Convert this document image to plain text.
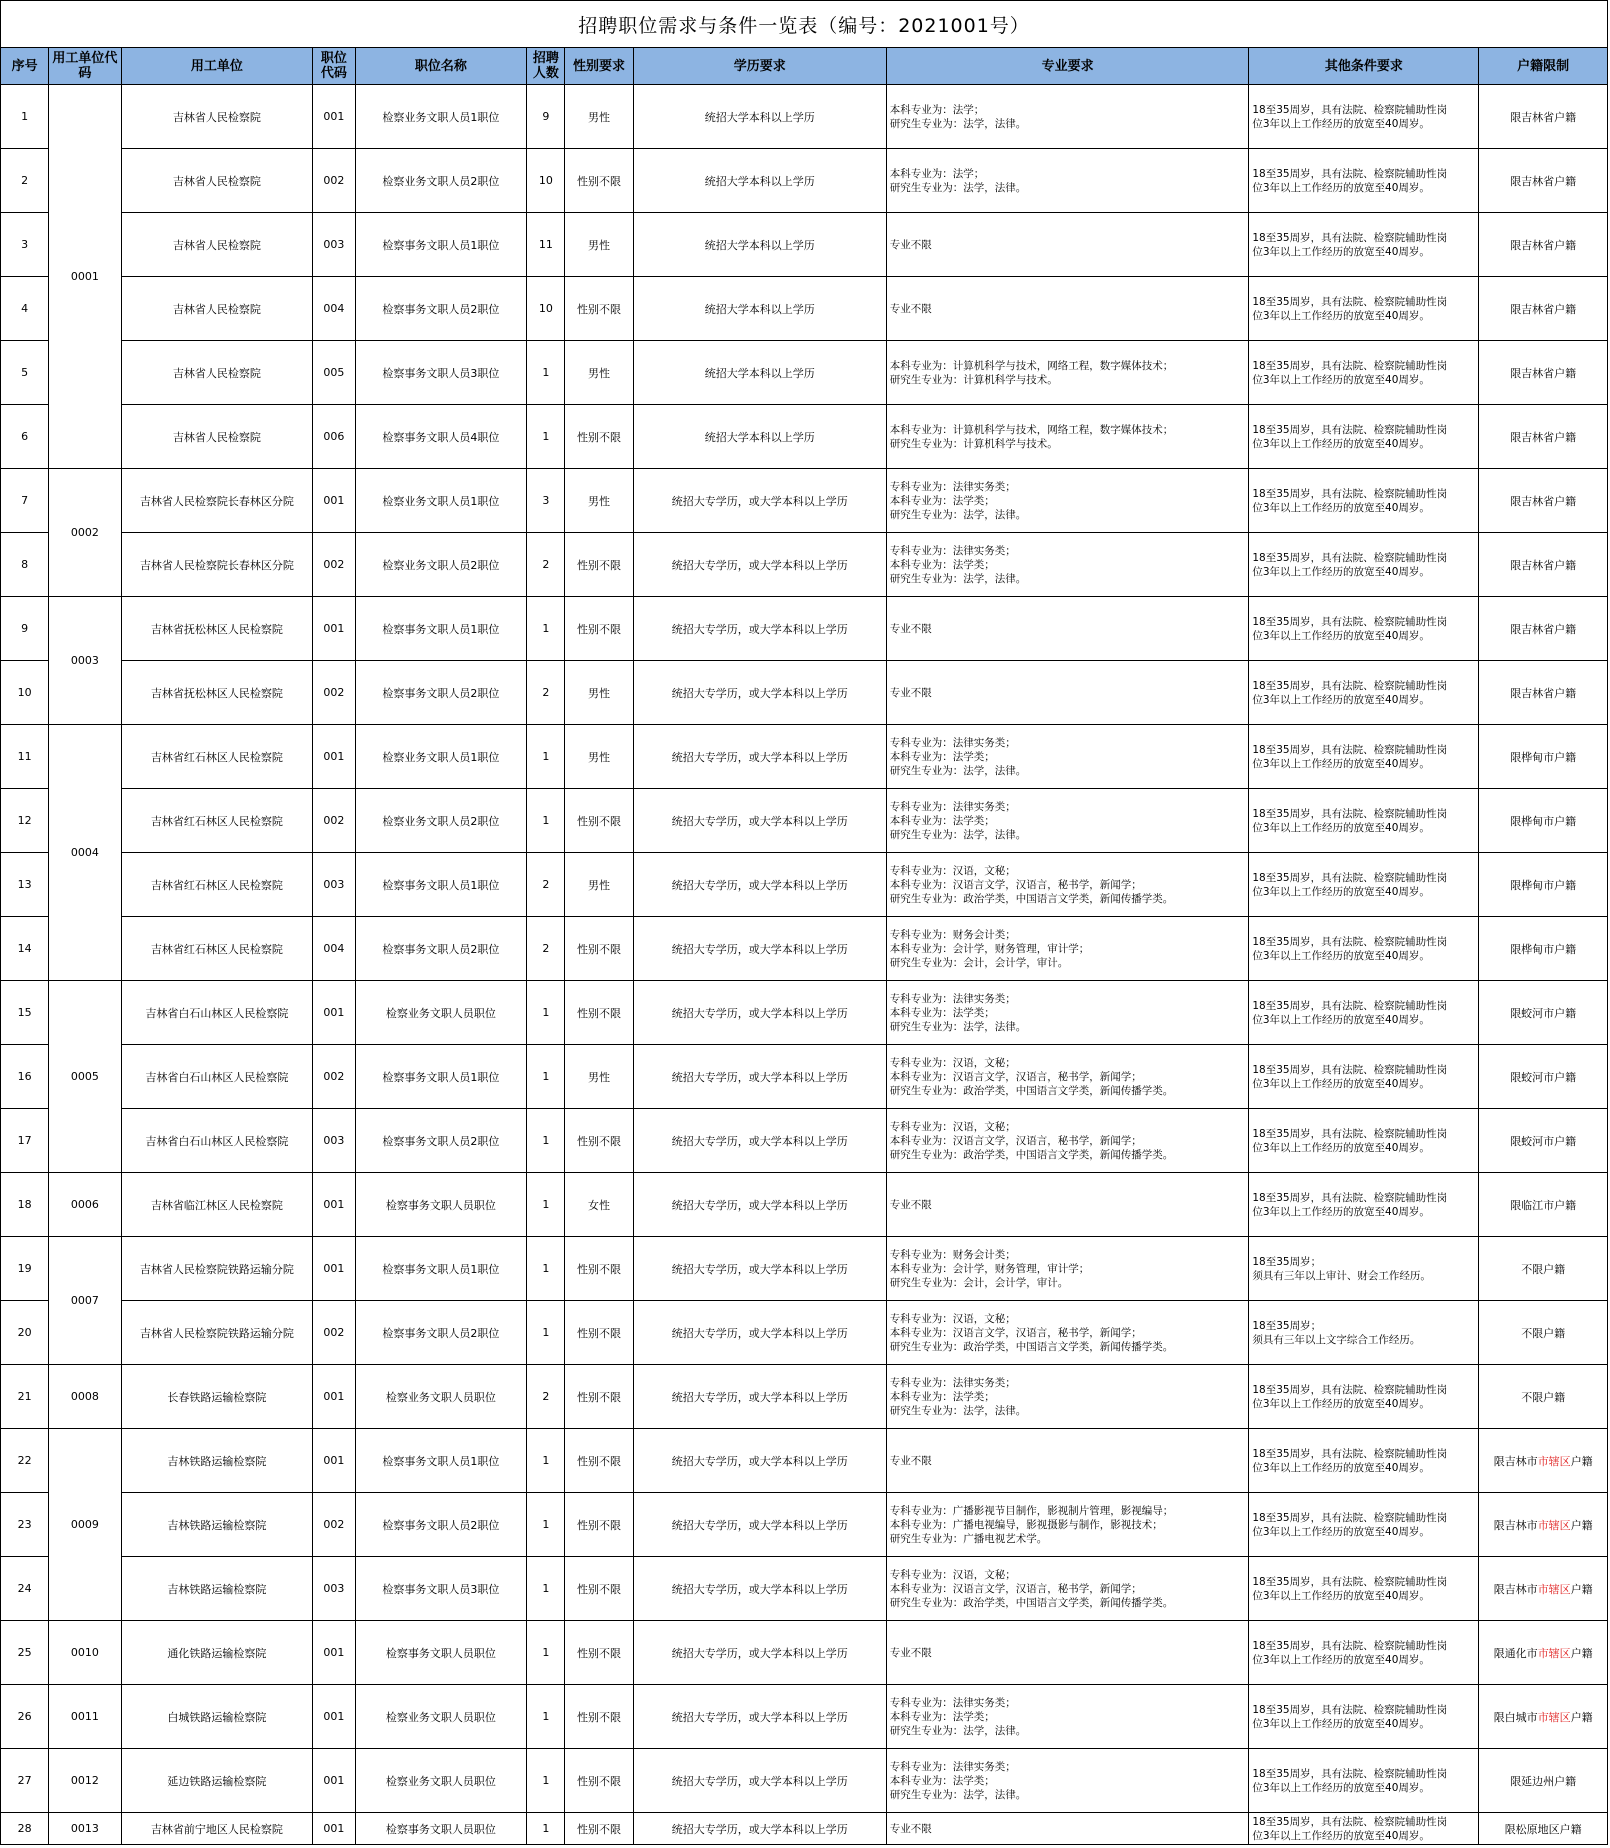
招聘职位需求与条件一览表（编号：2021001号）
序号	用工单位代码	用工单位	职位代码	职位名称	招聘人数	性别要求	学历要求	专业要求	其他条件要求	户籍限制
1	0001	吉林省人民检察院	001	检察业务文职人员1职位	9	男性	统招大学本科以上学历	本科专业为：法学；
研究生专业为：法学，法律。	18至35周岁，具有法院、检察院辅助性岗
位3年以上工作经历的放宽至40周岁。	限吉林省户籍
2		吉林省人民检察院	002	检察业务文职人员2职位	10	性别不限	统招大学本科以上学历	本科专业为：法学；
研究生专业为：法学，法律。	18至35周岁，具有法院、检察院辅助性岗
位3年以上工作经历的放宽至40周岁。	限吉林省户籍
3		吉林省人民检察院	003	检察事务文职人员1职位	11	男性	统招大学本科以上学历	专业不限	18至35周岁，具有法院、检察院辅助性岗
位3年以上工作经历的放宽至40周岁。	限吉林省户籍
4		吉林省人民检察院	004	检察事务文职人员2职位	10	性别不限	统招大学本科以上学历	专业不限	18至35周岁，具有法院、检察院辅助性岗
位3年以上工作经历的放宽至40周岁。	限吉林省户籍
5		吉林省人民检察院	005	检察事务文职人员3职位	1	男性	统招大学本科以上学历	本科专业为：计算机科学与技术，网络工程，数字媒体技术；
研究生专业为：计算机科学与技术。	18至35周岁，具有法院、检察院辅助性岗
位3年以上工作经历的放宽至40周岁。	限吉林省户籍
6		吉林省人民检察院	006	检察事务文职人员4职位	1	性别不限	统招大学本科以上学历	本科专业为：计算机科学与技术，网络工程，数字媒体技术；
研究生专业为：计算机科学与技术。	18至35周岁，具有法院、检察院辅助性岗
位3年以上工作经历的放宽至40周岁。	限吉林省户籍
7	0002	吉林省人民检察院长春林区分院	001	检察业务文职人员1职位	3	男性	统招大专学历，或大学本科以上学历	专科专业为：法律实务类；
本科专业为：法学类；
研究生专业为：法学，法律。	18至35周岁，具有法院、检察院辅助性岗
位3年以上工作经历的放宽至40周岁。	限吉林省户籍
8		吉林省人民检察院长春林区分院	002	检察业务文职人员2职位	2	性别不限	统招大专学历，或大学本科以上学历	专科专业为：法律实务类；
本科专业为：法学类；
研究生专业为：法学，法律。	18至35周岁，具有法院、检察院辅助性岗
位3年以上工作经历的放宽至40周岁。	限吉林省户籍
9	0003	吉林省抚松林区人民检察院	001	检察事务文职人员1职位	1	性别不限	统招大专学历，或大学本科以上学历	专业不限	18至35周岁，具有法院、检察院辅助性岗
位3年以上工作经历的放宽至40周岁。	限吉林省户籍
10		吉林省抚松林区人民检察院	002	检察事务文职人员2职位	2	男性	统招大专学历，或大学本科以上学历	专业不限	18至35周岁，具有法院、检察院辅助性岗
位3年以上工作经历的放宽至40周岁。	限吉林省户籍
11	0004	吉林省红石林区人民检察院	001	检察业务文职人员1职位	1	男性	统招大专学历，或大学本科以上学历	专科专业为：法律实务类；
本科专业为：法学类；
研究生专业为：法学，法律。	18至35周岁，具有法院、检察院辅助性岗
位3年以上工作经历的放宽至40周岁。	限桦甸市户籍
12		吉林省红石林区人民检察院	002	检察业务文职人员2职位	1	性别不限	统招大专学历，或大学本科以上学历	专科专业为：法律实务类；
本科专业为：法学类；
研究生专业为：法学，法律。	18至35周岁，具有法院、检察院辅助性岗
位3年以上工作经历的放宽至40周岁。	限桦甸市户籍
13		吉林省红石林区人民检察院	003	检察事务文职人员1职位	2	男性	统招大专学历，或大学本科以上学历	专科专业为：汉语，文秘；
本科专业为：汉语言文学，汉语言，秘书学，新闻学；
研究生专业为：政治学类，中国语言文学类，新闻传播学类。	18至35周岁，具有法院、检察院辅助性岗
位3年以上工作经历的放宽至40周岁。	限桦甸市户籍
14		吉林省红石林区人民检察院	004	检察事务文职人员2职位	2	性别不限	统招大专学历，或大学本科以上学历	专科专业为：财务会计类；
本科专业为：会计学，财务管理，审计学；
研究生专业为：会计，会计学，审计。	18至35周岁，具有法院、检察院辅助性岗
位3年以上工作经历的放宽至40周岁。	限桦甸市户籍
15	0005	吉林省白石山林区人民检察院	001	检察业务文职人员职位	1	性别不限	统招大专学历，或大学本科以上学历	专科专业为：法律实务类；
本科专业为：法学类；
研究生专业为：法学，法律。	18至35周岁，具有法院、检察院辅助性岗
位3年以上工作经历的放宽至40周岁。	限蛟河市户籍
16		吉林省白石山林区人民检察院	002	检察事务文职人员1职位	1	男性	统招大专学历，或大学本科以上学历	专科专业为：汉语，文秘；
本科专业为：汉语言文学，汉语言，秘书学，新闻学；
研究生专业为：政治学类，中国语言文学类，新闻传播学类。	18至35周岁，具有法院、检察院辅助性岗
位3年以上工作经历的放宽至40周岁。	限蛟河市户籍
17		吉林省白石山林区人民检察院	003	检察事务文职人员2职位	1	性别不限	统招大专学历，或大学本科以上学历	专科专业为：汉语，文秘；
本科专业为：汉语言文学，汉语言，秘书学，新闻学；
研究生专业为：政治学类，中国语言文学类，新闻传播学类。	18至35周岁，具有法院、检察院辅助性岗
位3年以上工作经历的放宽至40周岁。	限蛟河市户籍
18	0006	吉林省临江林区人民检察院	001	检察事务文职人员职位	1	女性	统招大专学历，或大学本科以上学历	专业不限	18至35周岁，具有法院、检察院辅助性岗
位3年以上工作经历的放宽至40周岁。	限临江市户籍
19	0007	吉林省人民检察院铁路运输分院	001	检察事务文职人员1职位	1	性别不限	统招大专学历，或大学本科以上学历	专科专业为：财务会计类；
本科专业为：会计学，财务管理，审计学；
研究生专业为：会计，会计学，审计。	18至35周岁；
须具有三年以上审计、财会工作经历。	不限户籍
20		吉林省人民检察院铁路运输分院	002	检察事务文职人员2职位	1	性别不限	统招大专学历，或大学本科以上学历	专科专业为：汉语，文秘；
本科专业为：汉语言文学，汉语言，秘书学，新闻学；
研究生专业为：政治学类，中国语言文学类，新闻传播学类。	18至35周岁；
须具有三年以上文字综合工作经历。	不限户籍
21	0008	长春铁路运输检察院	001	检察业务文职人员职位	2	性别不限	统招大专学历，或大学本科以上学历	专科专业为：法律实务类；
本科专业为：法学类；
研究生专业为：法学，法律。	18至35周岁，具有法院、检察院辅助性岗
位3年以上工作经历的放宽至40周岁。	不限户籍
22	0009	吉林铁路运输检察院	001	检察事务文职人员1职位	1	性别不限	统招大专学历，或大学本科以上学历	专业不限	18至35周岁，具有法院、检察院辅助性岗
位3年以上工作经历的放宽至40周岁。	限吉林市市辖区户籍
23		吉林铁路运输检察院	002	检察事务文职人员2职位	1	性别不限	统招大专学历，或大学本科以上学历	专科专业为：广播影视节目制作，影视制片管理，影视编导；
本科专业为：广播电视编导，影视摄影与制作，影视技术；
研究生专业为：广播电视艺术学。	18至35周岁，具有法院、检察院辅助性岗
位3年以上工作经历的放宽至40周岁。	限吉林市市辖区户籍
24		吉林铁路运输检察院	003	检察事务文职人员3职位	1	性别不限	统招大专学历，或大学本科以上学历	专科专业为：汉语，文秘；
本科专业为：汉语言文学，汉语言，秘书学，新闻学；
研究生专业为：政治学类，中国语言文学类，新闻传播学类。	18至35周岁，具有法院、检察院辅助性岗
位3年以上工作经历的放宽至40周岁。	限吉林市市辖区户籍
25	0010	通化铁路运输检察院	001	检察事务文职人员职位	1	性别不限	统招大专学历，或大学本科以上学历	专业不限	18至35周岁，具有法院、检察院辅助性岗
位3年以上工作经历的放宽至40周岁。	限通化市市辖区户籍
26	0011	白城铁路运输检察院	001	检察业务文职人员职位	1	性别不限	统招大专学历，或大学本科以上学历	专科专业为：法律实务类；
本科专业为：法学类；
研究生专业为：法学，法律。	18至35周岁，具有法院、检察院辅助性岗
位3年以上工作经历的放宽至40周岁。	限白城市市辖区户籍
27	0012	延边铁路运输检察院	001	检察业务文职人员职位	1	性别不限	统招大专学历，或大学本科以上学历	专科专业为：法律实务类；
本科专业为：法学类；
研究生专业为：法学，法律。	18至35周岁，具有法院、检察院辅助性岗
位3年以上工作经历的放宽至40周岁。	限延边州户籍
28	0013	吉林省前宁地区人民检察院	001	检察事务文职人员职位	1	性别不限	统招大专学历，或大学本科以上学历	专业不限	18至35周岁，具有法院、检察院辅助性岗
位3年以上工作经历的放宽至40周岁。	限松原地区户籍
